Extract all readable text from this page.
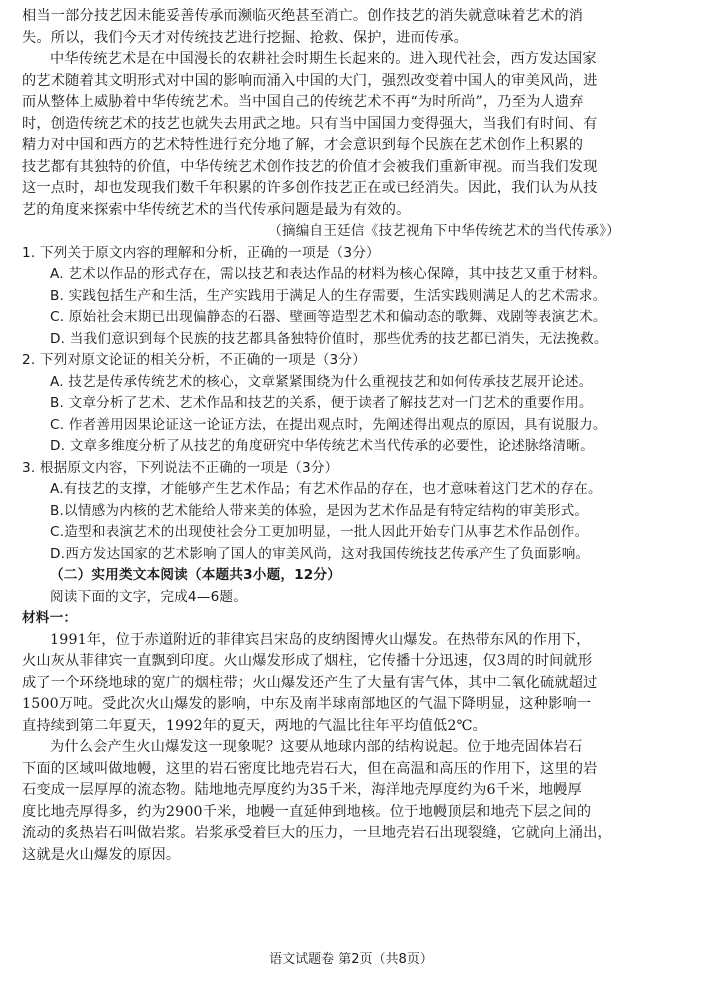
相当一部分技艺因未能妥善传承而濒临灭绝甚至消亡。创作技艺的消失就意味着艺术的消
失。所以，我们今天才对传统技艺进行挖掘、抢救、保护，进而传承。
中华传统艺术是在中国漫长的农耕社会时期生长起来的。进入现代社会，西方发达国家
的艺术随着其文明形式对中国的影响而涌入中国的大门，强烈改变着中国人的审美风尚，进
而从整体上威胁着中华传统艺术。当中国自己的传统艺术不再“为时所尚”，乃至为人遗弃
时，创造传统艺术的技艺也就失去用武之地。只有当中国国力变得强大，当我们有时间、有
精力对中国和西方的艺术特性进行充分地了解，才会意识到每个民族在艺术创作上积累的
技艺都有其独特的价值，中华传统艺术创作技艺的价值才会被我们重新审视。而当我们发现
这一点时，却也发现我们数千年积累的许多创作技艺正在或已经消失。因此，我们认为从技
艺的角度来探索中华传统艺术的当代传承问题是最为有效的。
（摘编自王廷信《技艺视角下中华传统艺术的当代传承》）
1. 下列关于原文内容的理解和分析，正确的一项是（3分）
A. 艺术以作品的形式存在，需以技艺和表达作品的材料为核心保障，其中技艺又重于材料。
B. 实践包括生产和生活，生产实践用于满足人的生存需要，生活实践则满足人的艺术需求。
C. 原始社会末期已出现偏静态的石器、壁画等造型艺术和偏动态的歌舞、戏剧等表演艺术。
D. 当我们意识到每个民族的技艺都具备独特价值时，那些优秀的技艺都已消失，无法挽救。
2. 下列对原文论证的相关分析，不正确的一项是（3分）
A. 技艺是传承传统艺术的核心，文章紧紧围绕为什么重视技艺和如何传承技艺展开论述。
B. 文章分析了艺术、艺术作品和技艺的关系，便于读者了解技艺对一门艺术的重要作用。
C. 作者善用因果论证这一论证方法，在提出观点时，先阐述得出观点的原因，具有说服力。
D. 文章多维度分析了从技艺的角度研究中华传统艺术当代传承的必要性，论述脉络清晰。
3. 根据原文内容，下列说法不正确的一项是（3分）
A.有技艺的支撑，才能够产生艺术作品；有艺术作品的存在，也才意味着这门艺术的存在。
B.以情感为内核的艺术能给人带来美的体验，是因为艺术作品是有特定结构的审美形式。
C.造型和表演艺术的出现使社会分工更加明显，一批人因此开始专门从事艺术作品创作。
D.西方发达国家的艺术影响了国人的审美风尚，这对我国传统技艺传承产生了负面影响。
（二）实用类文本阅读（本题共3小题，12分）
阅读下面的文字，完成4—6题。
材料一：
1991年，位于赤道附近的菲律宾吕宋岛的皮纳图博火山爆发。在热带东风的作用下，
火山灰从菲律宾一直飘到印度。火山爆发形成了烟柱，它传播十分迅速，仅3周的时间就形
成了一个环绕地球的宽广的烟柱带；火山爆发还产生了大量有害气体，其中二氧化硫就超过
1500万吨。受此次火山爆发的影响，中东及南半球南部地区的气温下降明显，这种影响一
直持续到第二年夏天，1992年的夏天，两地的气温比往年平均值低2℃。
为什么会产生火山爆发这一现象呢？这要从地球内部的结构说起。位于地壳固体岩石
下面的区域叫做地幔，这里的岩石密度比地壳岩石大，但在高温和高压的作用下，这里的岩
石变成一层厚厚的流态物。陆地地壳厚度约为35千米，海洋地壳厚度约为6千米，地幔厚
度比地壳厚得多，约为2900千米，地幔一直延伸到地核。位于地幔顶层和地壳下层之间的
流动的炙热岩石叫做岩浆。岩浆承受着巨大的压力，一旦地壳岩石出现裂缝，它就向上涌出，
这就是火山爆发的原因。
语文试题卷 第2页（共8页）
